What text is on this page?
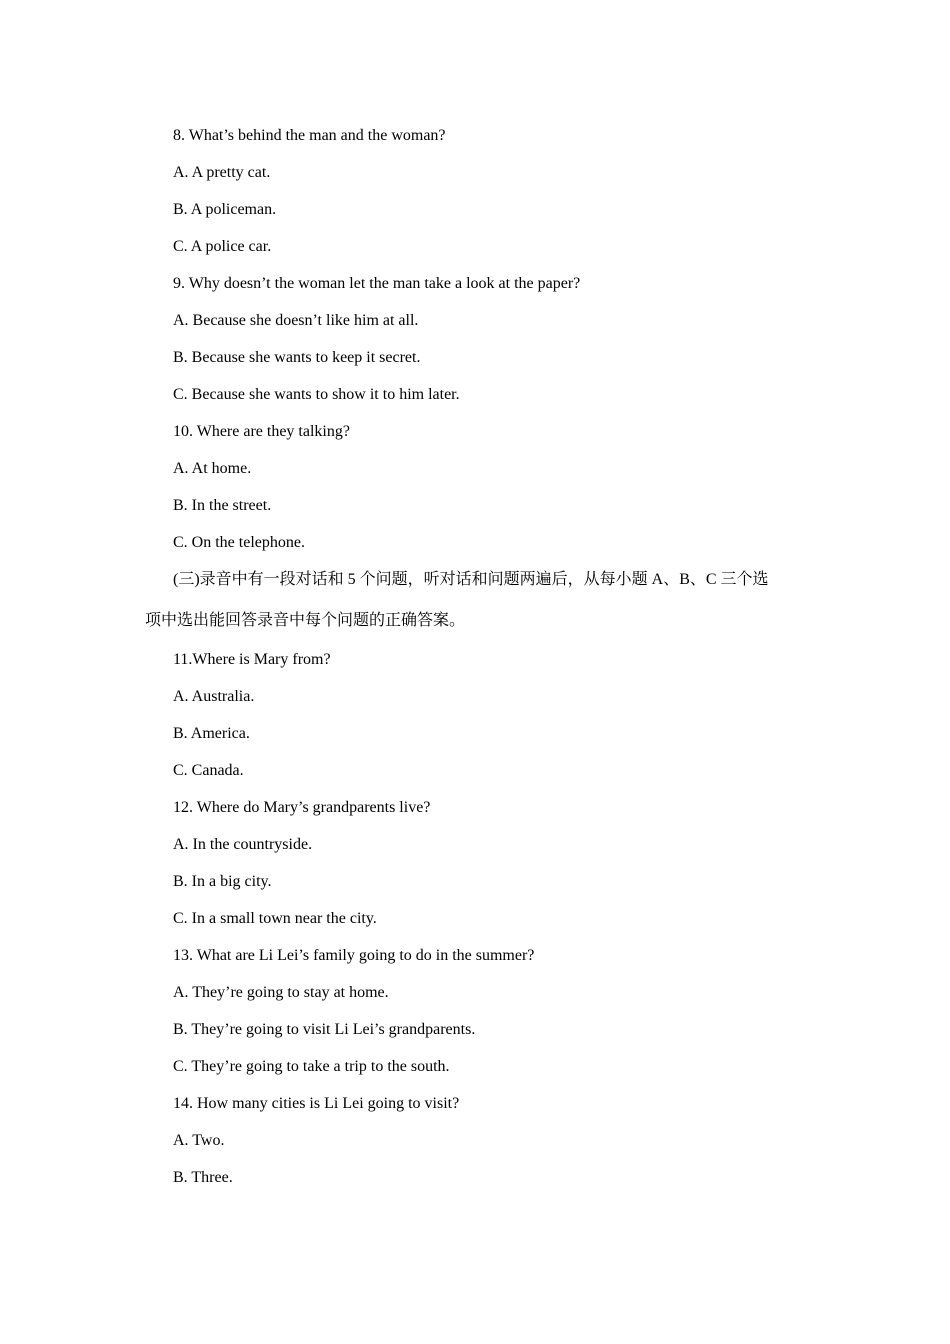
8. What’s behind the man and the woman?
A. A pretty cat.
B. A policeman.
C. A police car.
9. Why doesn’t the woman let the man take a look at the paper?
A. Because she doesn’t like him at all.
B. Because she wants to keep it secret.
C. Because she wants to show it to him later.
10. Where are they talking?
A. At home.
B. In the street.
C. On the telephone.
(三)录音中有一段对话和 5 个问题，听对话和问题两遍后，从每小题 A、B、C 三个选
项中选出能回答录音中每个问题的正确答案。
11.Where is Mary from?
A. Australia.
B. America.
C. Canada.
12. Where do Mary’s grandparents live?
A. In the countryside.
B. In a big city.
C. In a small town near the city.
13. What are Li Lei’s family going to do in the summer?
A. They’re going to stay at home.
B. They’re going to visit Li Lei’s grandparents.
C. They’re going to take a trip to the south.
14. How many cities is Li Lei going to visit?
A. Two.
B. Three.
